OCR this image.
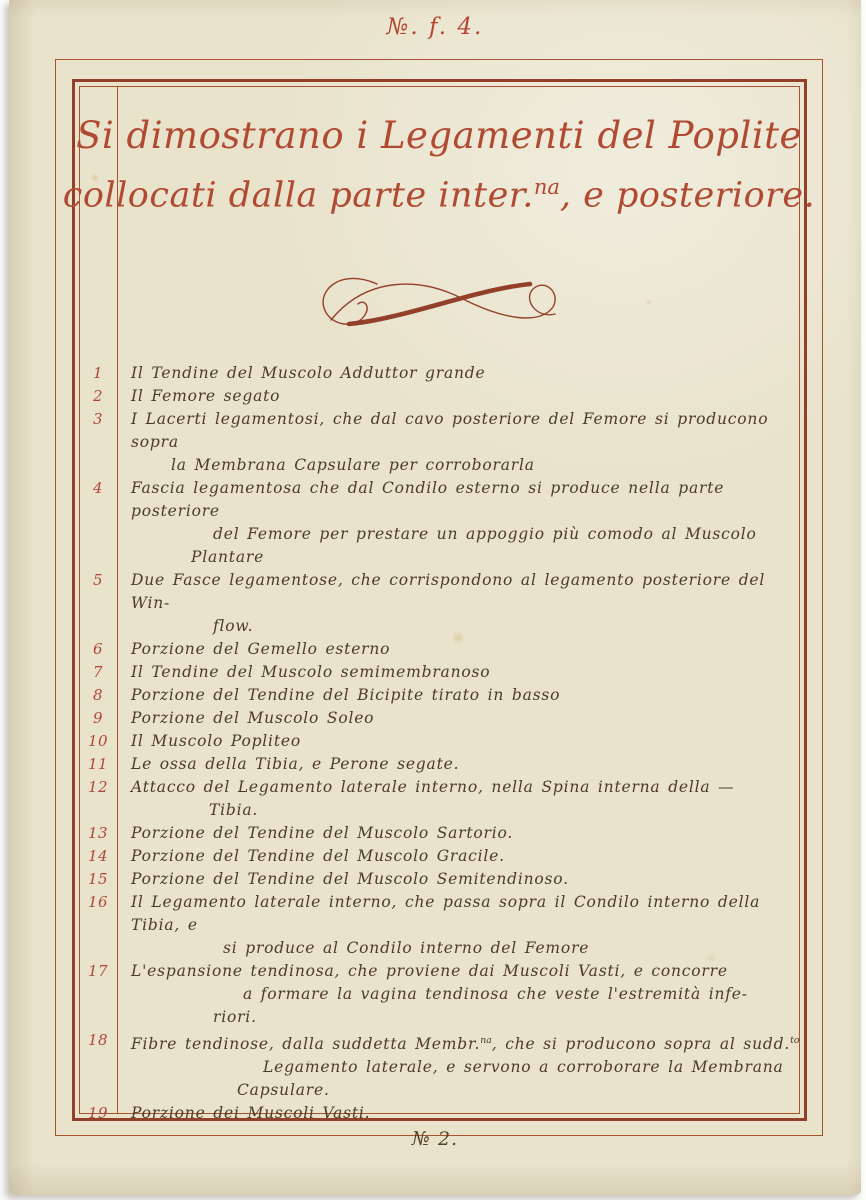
№. f. 4.
Si dimostrano i Legamenti del Poplite
collocati dalla parte inter.$^{na}$, e posteriore.
1	Il Tendine del Muscolo Adduttor grande
2	Il Femore segato
3	I Lacerti legamentosi, che dal cavo posteriore del Femore si producono sopra
la Membrana Capsulare per corroborarla
4	Fascia legamentosa che dal Condilo esterno si produce nella parte posteriore
del Femore per prestare un appoggio più comodo al Muscolo
Plantare
5	Due Fasce legamentose, che corrispondono al legamento posteriore del Win-
flow.
6	Porzione del Gemello esterno
7	Il Tendine del Muscolo semimembranoso
8	Porzione del Tendine del Bicipite tirato in basso
9	Porzione del Muscolo Soleo
10	Il Muscolo Popliteo
11	Le ossa della Tibia, e Perone segate.
12	Attacco del Legamento laterale interno, nella Spina interna della —
Tibia.
13	Porzione del Tendine del Muscolo Sartorio.
14	Porzione del Tendine del Muscolo Gracile.
15	Porzione del Tendine del Muscolo Semitendinoso.
16	Il Legamento laterale interno, che passa sopra il Condilo interno della Tibia, e
si produce al Condilo interno del Femore
17	L'espansione tendinosa, che proviene dai Muscoli Vasti, e concorre
a formare la vagina tendinosa che veste l'estremità infe-
riori.
18	Fibre tendinose, dalla suddetta Membr.$^{na}$, che si producono sopra al sudd.$^{to}$
Legamento laterale, e servono a corroborare la Membrana
Capsulare.
19	Porzione dei Muscoli Vasti.
№ 2.
